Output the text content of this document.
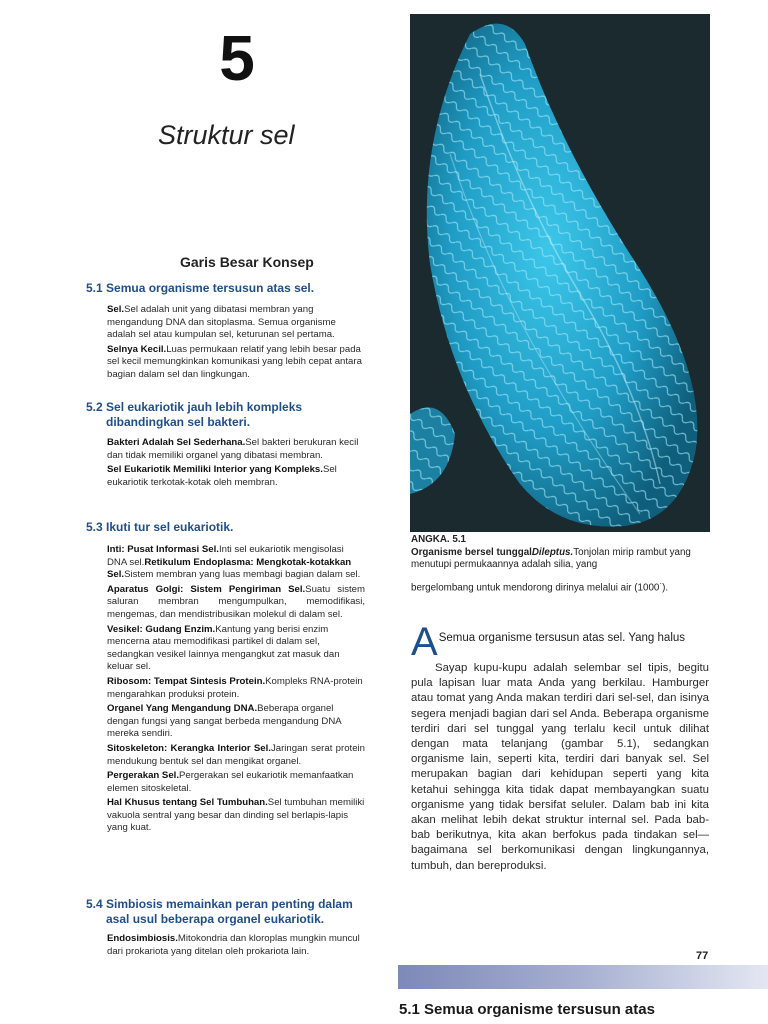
5
Struktur sel
Garis Besar Konsep
5.1 Semua organisme tersusun atas sel.

Sel.Sel adalah unit yang dibatasi membran yang mengandung DNA dan sitoplasma. Semua organisme adalah sel atau kumpulan sel, keturunan sel pertama.

Selnya Kecil.Luas permukaan relatif yang lebih besar pada sel kecil memungkinkan komunikasi yang lebih cepat antara bagian dalam sel dan lingkungan.

5.2 Sel eukariotik jauh lebih kompleks
dibandingkan sel bakteri.

Bakteri Adalah Sel Sederhana.Sel bakteri berukuran kecil dan tidak memiliki organel yang dibatasi membran.

Sel Eukariotik Memiliki Interior yang Kompleks.Sel eukariotik terkotak-kotak oleh membran.

5.3 Ikuti tur sel eukariotik.

Inti: Pusat Informasi Sel.Inti sel eukariotik mengisolasi DNA sel.Retikulum Endoplasma: Mengkotak-kotakkan Sel.Sistem membran yang luas membagi bagian dalam sel.

Aparatus Golgi: Sistem Pengiriman Sel.Suatu sistem saluran membran mengumpulkan, memodifikasi, mengemas, dan mendistribusikan molekul di dalam sel.

Vesikel: Gudang Enzim.Kantung yang berisi enzim mencerna atau memodifikasi partikel di dalam sel, sedangkan vesikel lainnya mengangkut zat masuk dan keluar sel.

Ribosom: Tempat Sintesis Protein.Kompleks RNA-protein mengarahkan produksi protein.

Organel Yang Mengandung DNA.Beberapa organel dengan fungsi yang sangat berbeda mengandung DNA mereka sendiri.

Sitoskeleton: Kerangka Interior Sel.Jaringan serat protein mendukung bentuk sel dan mengikat organel.

Pergerakan Sel.Pergerakan sel eukariotik memanfaatkan elemen sitoskeletal.

Hal Khusus tentang Sel Tumbuhan.Sel tumbuhan memiliki vakuola sentral yang besar dan dinding sel berlapis-lapis yang kuat.

5.4 Simbiosis memainkan peran penting dalam
asal usul beberapa organel eukariotik.

Endosimbiosis.Mitokondria dan kloroplas mungkin muncul dari prokariota yang ditelan oleh prokariota lain.

ANGKA. 5.1
Organisme bersel tunggalDileptus.Tonjolan mirip rambut yang menutupi permukaannya adalah silia, yang
bergelombang untuk mendorong dirinya melalui air (1000·).
A Semua organisme tersusun atas sel. Yang halus

Sayap kupu-kupu adalah selembar sel tipis, begitu pula lapisan luar mata Anda yang berkilau. Hamburger atau tomat yang Anda makan terdiri dari sel-sel, dan isinya segera menjadi bagian dari sel Anda. Beberapa organisme terdiri dari sel tunggal yang terlalu kecil untuk dilihat dengan mata telanjang (gambar 5.1), sedangkan organisme lain, seperti kita, terdiri dari banyak sel. Sel merupakan bagian dari kehidupan seperti yang kita ketahui sehingga kita tidak dapat membayangkan suatu organisme yang tidak bersifat seluler. Dalam bab ini kita akan melihat lebih dekat struktur internal sel. Pada bab-bab berikutnya, kita akan berfokus pada tindakan sel— bagaimana sel berkomunikasi dengan lingkungannya, tumbuh, dan bereproduksi.

77
5.1 Semua organisme tersusun atas
